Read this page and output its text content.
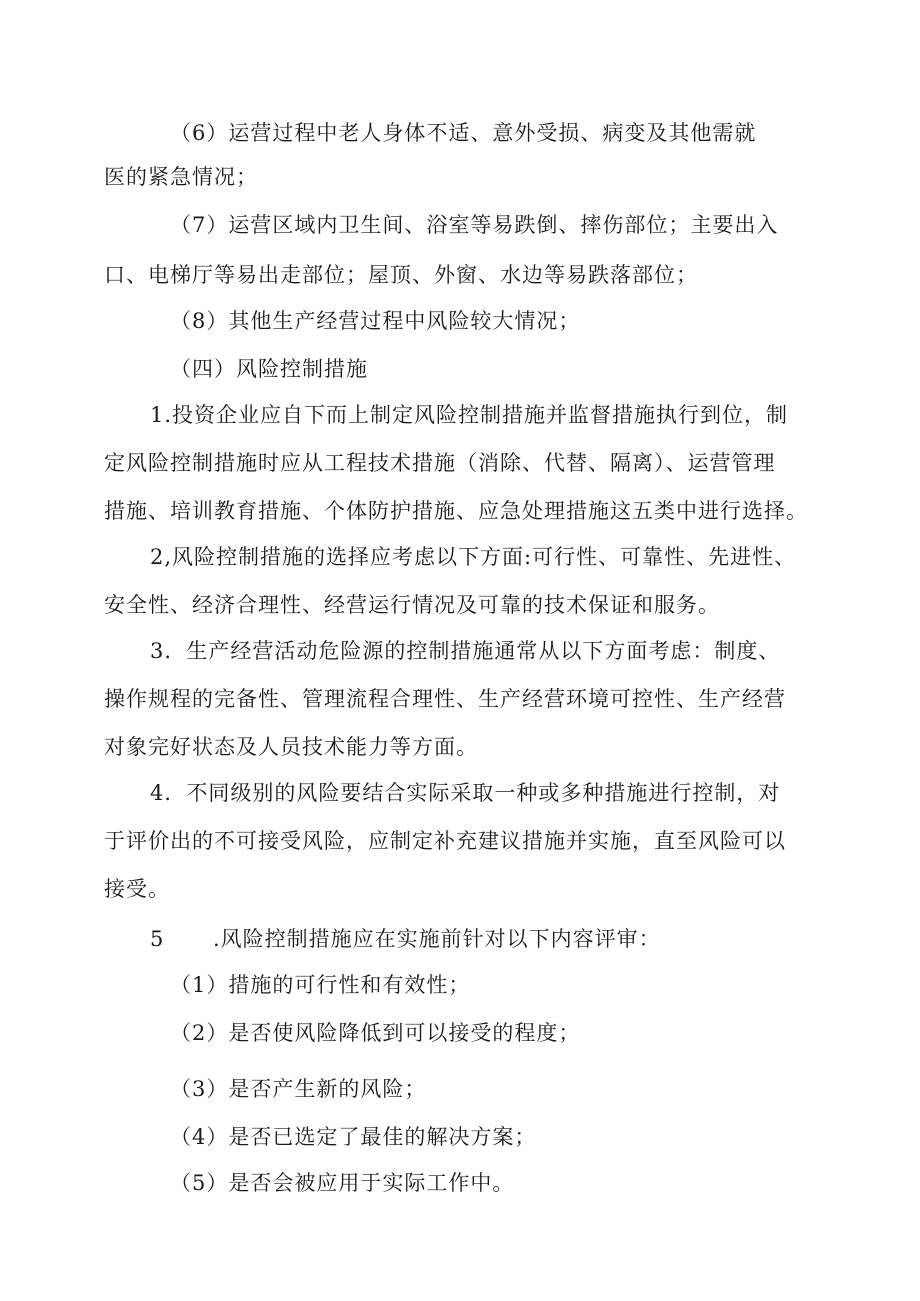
（6）运营过程中老人身体不适、意外受损、病变及其他需就
医的紧急情况；
（7）运营区域内卫生间、浴室等易跌倒、摔伤部位；主要出入
口、电梯厅等易出走部位；屋顶、外窗、水边等易跌落部位；
（8）其他生产经营过程中风险较大情况；
（四）风险控制措施
1.投资企业应自下而上制定风险控制措施并监督措施执行到位，制
定风险控制措施时应从工程技术措施（消除、代替、隔离）、运营管理
措施、培训教育措施、个体防护措施、应急处理措施这五类中进行选择。
2,风险控制措施的选择应考虑以下方面:可行性、可靠性、先进性、
安全性、经济合理性、经营运行情况及可靠的技术保证和服务。
3．生产经营活动危险源的控制措施通常从以下方面考虑：制度、
操作规程的完备性、管理流程合理性、生产经营环境可控性、生产经营
对象完好状态及人员技术能力等方面。
4．不同级别的风险要结合实际采取一种或多种措施进行控制，对
于评价出的不可接受风险，应制定补充建议措施并实施，直至风险可以
接受。
5 .风险控制措施应在实施前针对以下内容评审：
（1）措施的可行性和有效性；
（2）是否使风险降低到可以接受的程度；
（3）是否产生新的风险；
（4）是否已选定了最佳的解决方案；
（5）是否会被应用于实际工作中。
